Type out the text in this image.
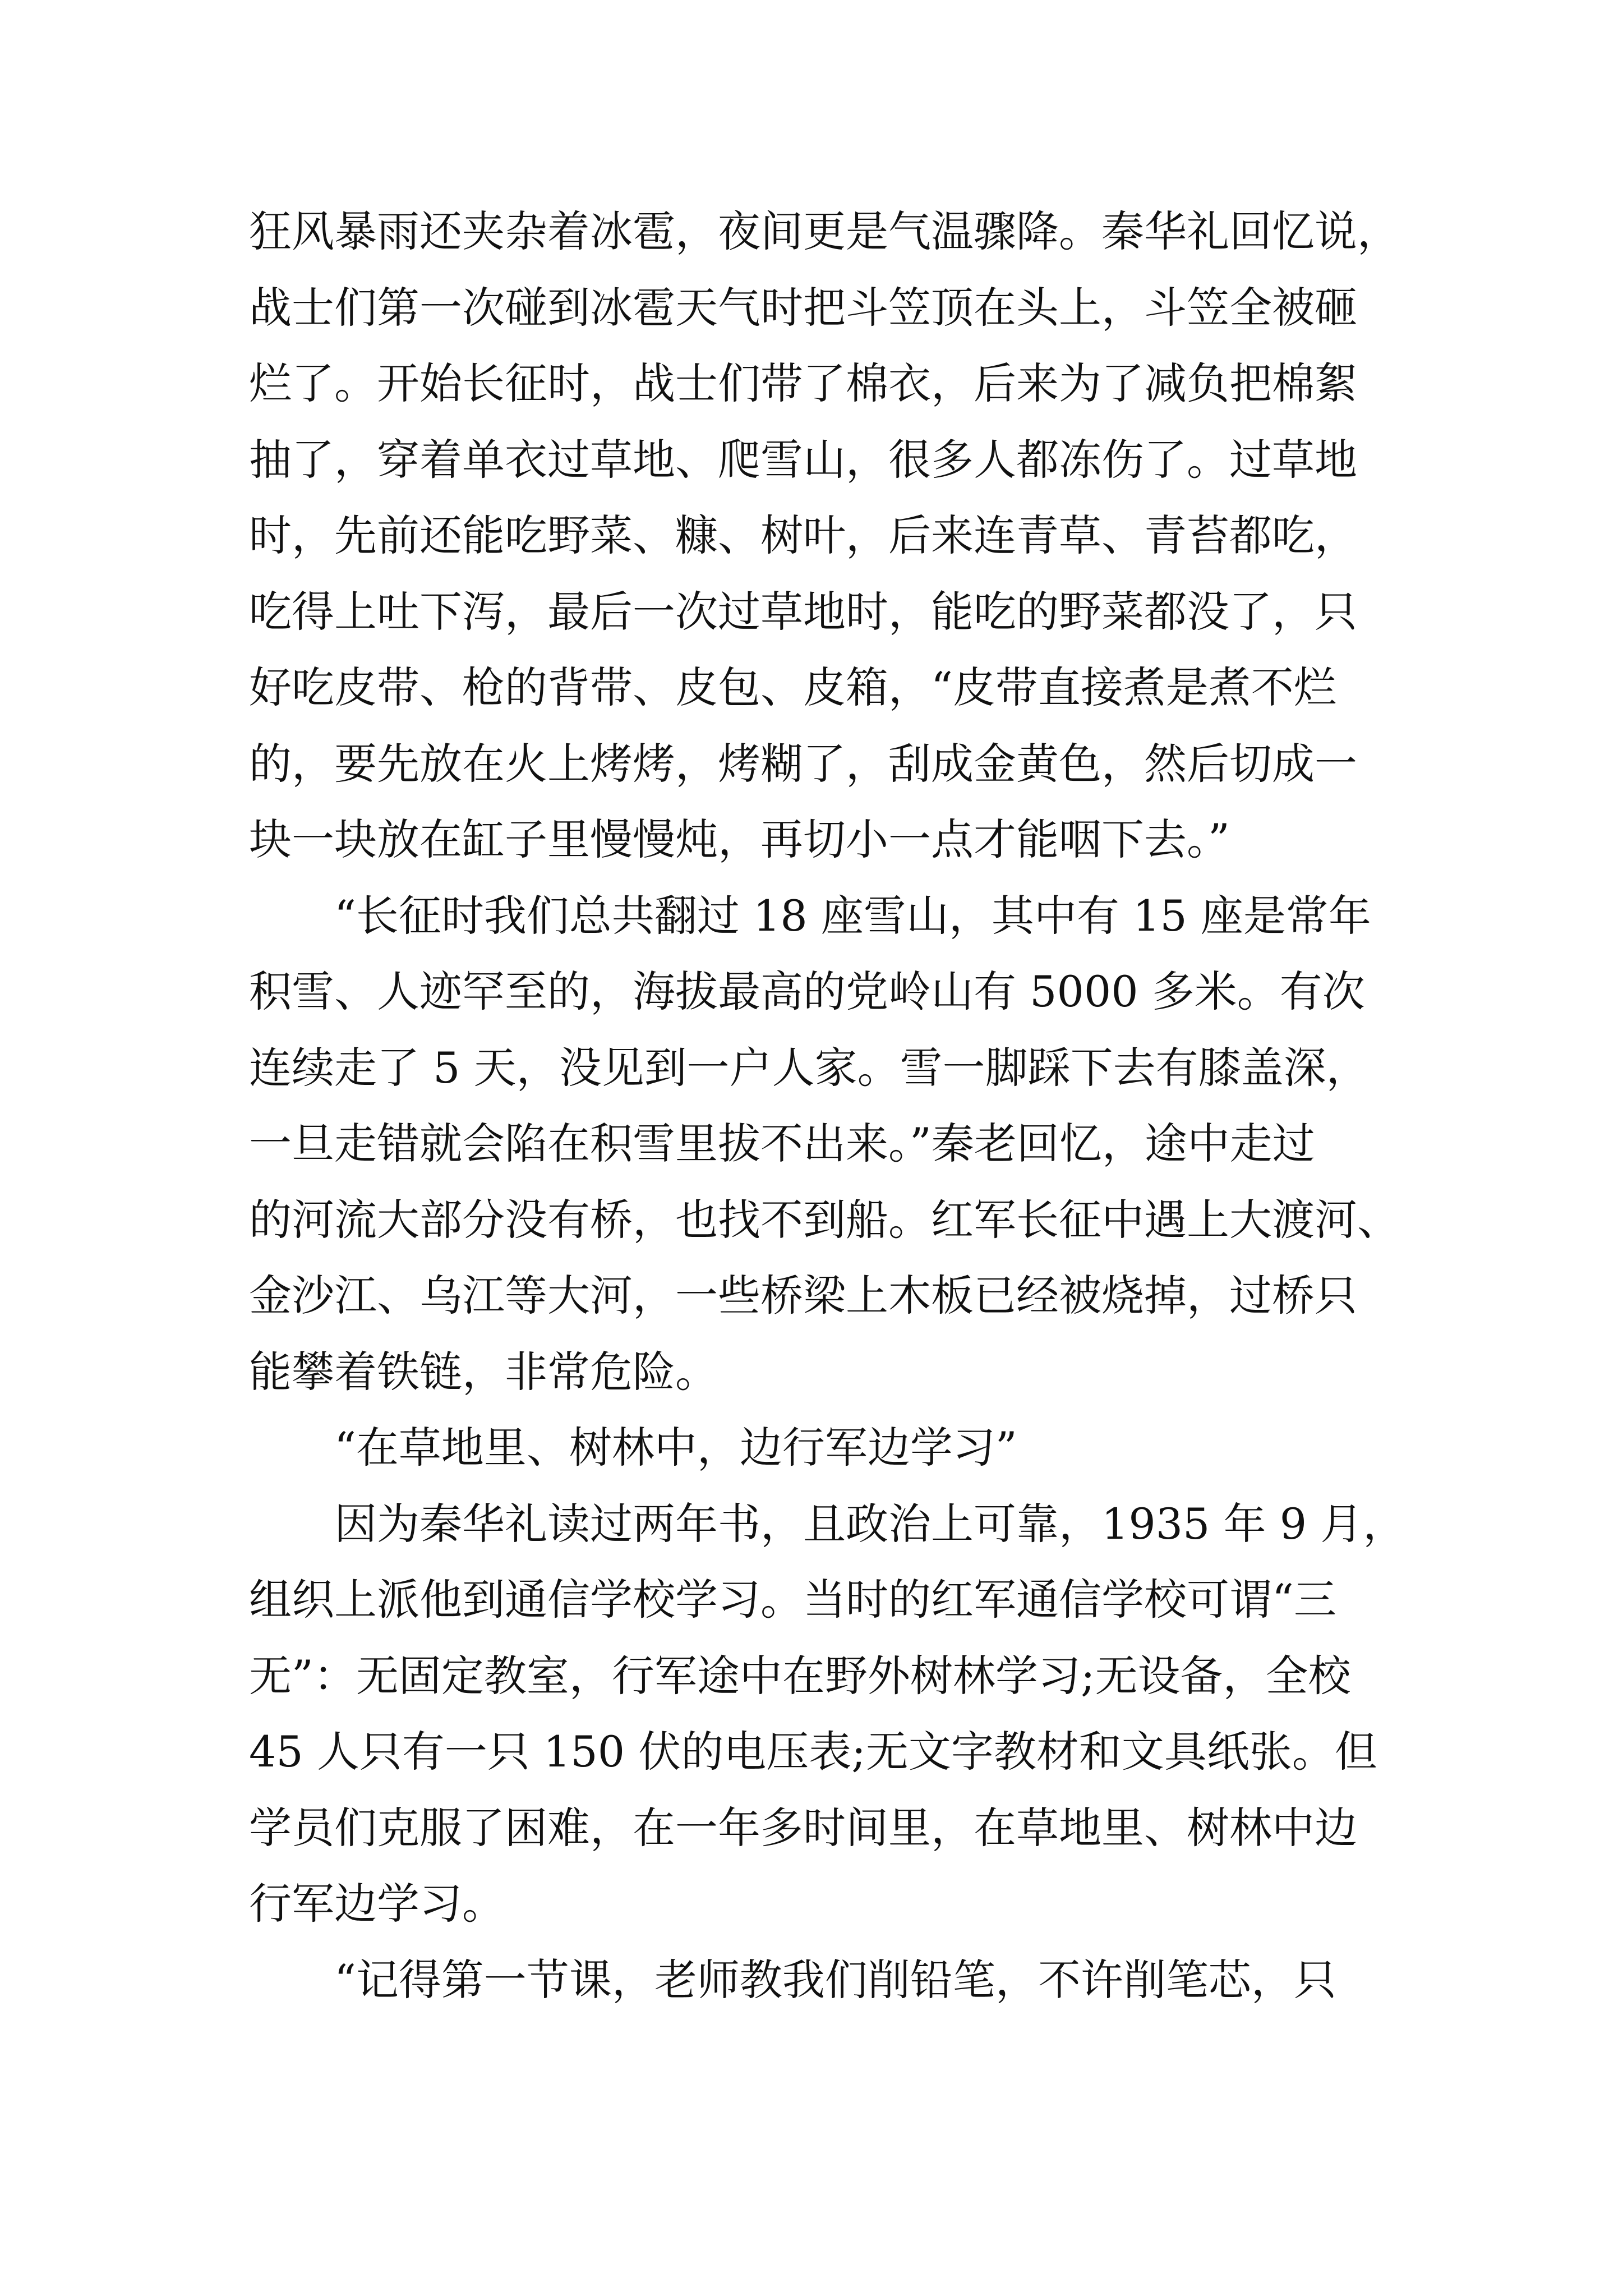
狂风暴雨还夹杂着冰雹，夜间更是气温骤降。秦华礼回忆说，
战士们第一次碰到冰雹天气时把斗笠顶在头上，斗笠全被砸
烂了。开始长征时，战士们带了棉衣，后来为了减负把棉絮
抽了，穿着单衣过草地、爬雪山，很多人都冻伤了。过草地
时，先前还能吃野菜、糠、树叶，后来连青草、青苔都吃，
吃得上吐下泻，最后一次过草地时，能吃的野菜都没了，只
好吃皮带、枪的背带、皮包、皮箱，“皮带直接煮是煮不烂
的，要先放在火上烤烤，烤糊了，刮成金黄色，然后切成一
块一块放在缸子里慢慢炖，再切小一点才能咽下去。”
　　“长征时我们总共翻过 18 座雪山，其中有 15 座是常年
积雪、人迹罕至的，海拔最高的党岭山有 5000 多米。有次
连续走了 5 天，没见到一户人家。雪一脚踩下去有膝盖深，
一旦走错就会陷在积雪里拔不出来。”秦老回忆，途中走过
的河流大部分没有桥，也找不到船。红军长征中遇上大渡河、
金沙江、乌江等大河，一些桥梁上木板已经被烧掉，过桥只
能攀着铁链，非常危险。
　　“在草地里、树林中，边行军边学习”
　　因为秦华礼读过两年书，且政治上可靠，1935 年 9 月，
组织上派他到通信学校学习。当时的红军通信学校可谓“三
无”：无固定教室，行军途中在野外树林学习;无设备，全校
45 人只有一只 150 伏的电压表;无文字教材和文具纸张。但
学员们克服了困难，在一年多时间里，在草地里、树林中边
行军边学习。
　　“记得第一节课，老师教我们削铅笔，不许削笔芯，只
